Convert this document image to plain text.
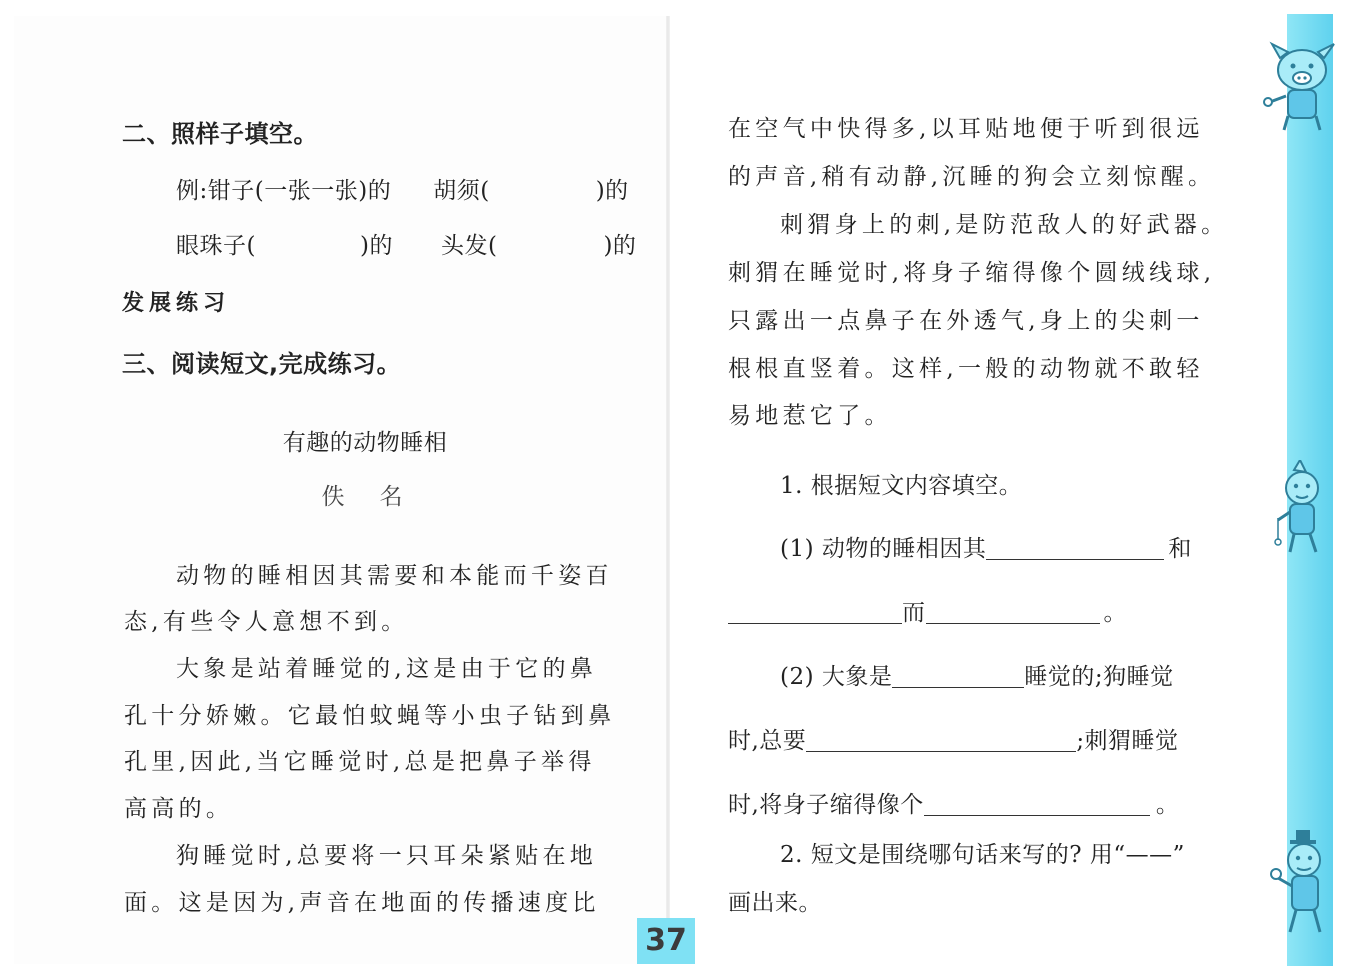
37
二、照样子填空。
例:钳子(一张一张)的 胡须(	)的
眼珠子(	)的 头发(	)的
发展练习
三、阅读短文,完成练习。
有趣的动物睡相
佚　名
动物的睡相因其需要和本能而千姿百
态,有些令人意想不到。
大象是站着睡觉的,这是由于它的鼻
孔十分娇嫩。它最怕蚊蝇等小虫子钻到鼻
孔里,因此,当它睡觉时,总是把鼻子举得
高高的。
狗睡觉时,总要将一只耳朵紧贴在地
面。这是因为,声音在地面的传播速度比
在空气中快得多,以耳贴地便于听到很远
的声音,稍有动静,沉睡的狗会立刻惊醒。
刺猬身上的刺,是防范敌人的好武器。
刺猬在睡觉时,将身子缩得像个圆绒线球,
只露出一点鼻子在外透气,身上的尖刺一
根根直竖着。这样,一般的动物就不敢轻
易地惹它了。
1. 根据短文内容填空。
(1) 动物的睡相因其	和
而	。
(2) 大象是	睡觉的;狗睡觉
时,总要	;刺猬睡觉
时,将身子缩得像个	。
2. 短文是围绕哪句话来写的? 用“——”
画出来。
